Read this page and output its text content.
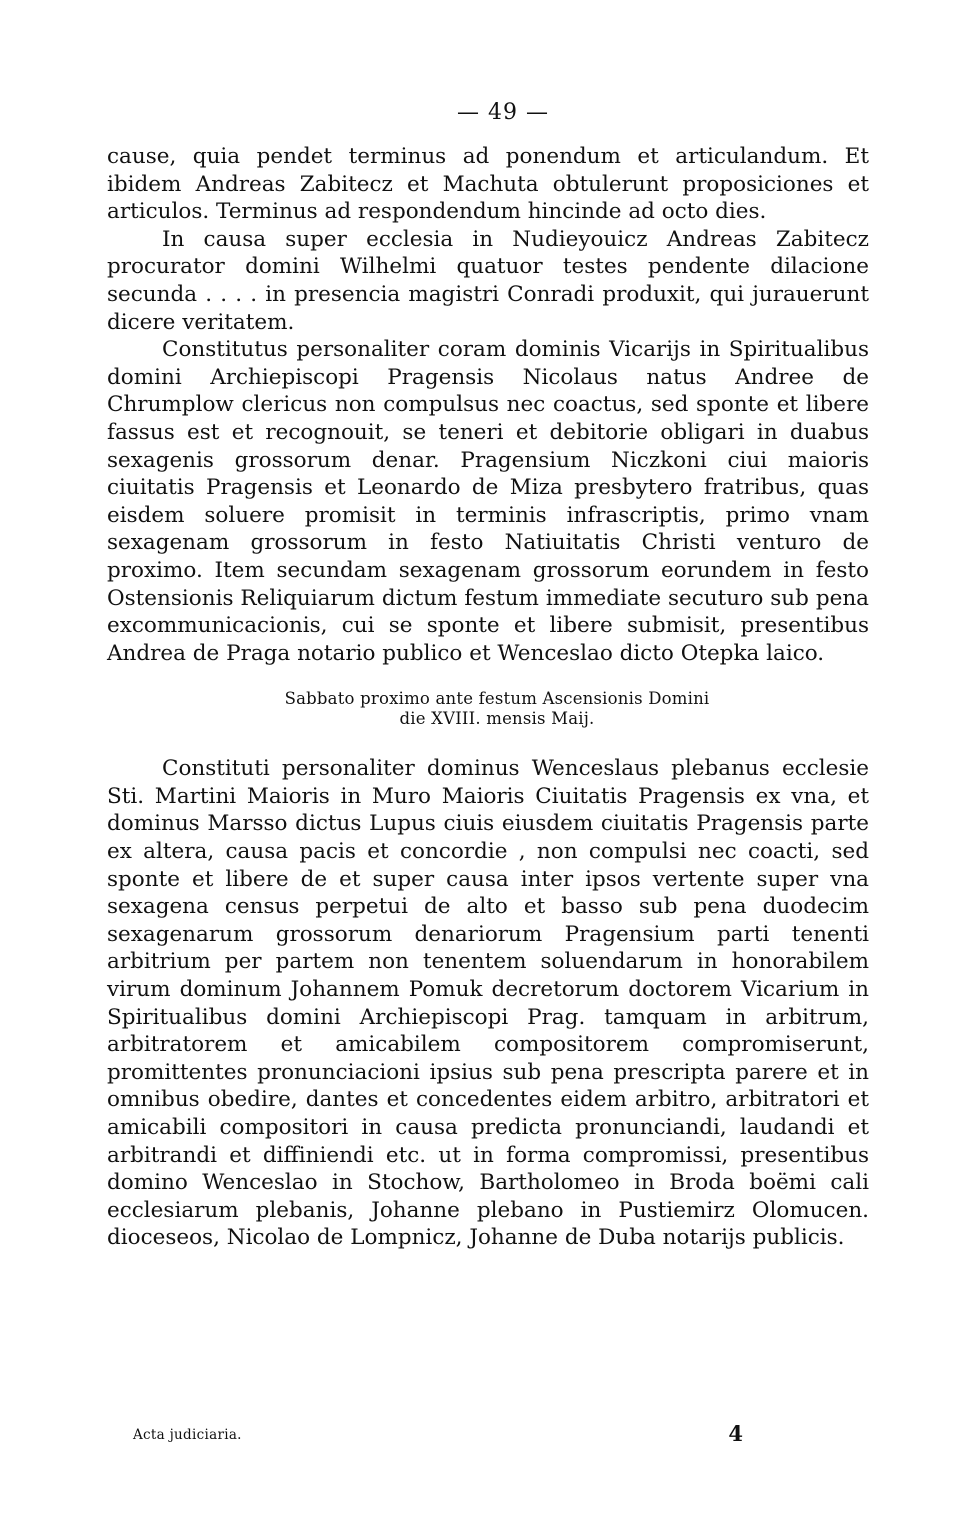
— 49 —

cause, quia pendet terminus ad ponendum et articulandum. Et ibidem Andreas Zabitecz et Machuta obtulerunt proposiciones et articulos. Terminus ad respondendum hincinde ad octo dies.

In causa super ecclesia in Nudieyouicz Andreas Zabitecz procurator domini Wilhelmi quatuor testes pendente dilacione secunda . . . . in presencia magistri Conradi produxit, qui jurauerunt dicere veritatem.

Constitutus personaliter coram dominis Vicarijs in Spiritualibus domini Archiepiscopi Pragensis Nicolaus natus Andree de Chrumplow clericus non compulsus nec coactus, sed sponte et libere fassus est et recognouit, se teneri et debitorie obligari in duabus sexagenis grossorum denar. Pragensium Niczkoni ciui maioris ciuitatis Pragensis et Leonardo de Miza presbytero fratribus, quas eisdem soluere promisit in terminis infrascriptis, primo vnam sexagenam grossorum in festo Natiuitatis Christi venturo de proximo. Item secundam sexagenam grossorum eorundem in festo Ostensionis Reliquiarum dictum festum immediate secuturo sub pena excommunicacionis, cui se sponte et libere submisit, presentibus Andrea de Praga notario publico et Wenceslao dicto Otepka laico.

Sabbato proximo ante festum Ascensionis Domini
die XVIII. mensis Maij.

Constituti personaliter dominus Wenceslaus plebanus ecclesie Sti. Martini Maioris in Muro Maioris Ciuitatis Pragensis ex vna, et dominus Marsso dictus Lupus ciuis eiusdem ciuitatis Pragensis parte ex altera, causa pacis et concordie , non compulsi nec coacti, sed sponte et libere de et super causa inter ipsos vertente super vna sexagena census perpetui de alto et basso sub pena duodecim sexagenarum grossorum denariorum Pragensium parti tenenti arbitrium per partem non tenentem soluendarum in honorabilem virum dominum Johannem Pomuk decretorum doctorem Vicarium in Spiritualibus domini Archiepiscopi Prag. tamquam in arbitrum, arbitratorem et amicabilem compositorem compromiserunt, promittentes pronunciacioni ipsius sub pena prescripta parere et in omnibus obedire, dantes et concedentes eidem arbitro, arbitratori et amicabili compositori in causa predicta pronunciandi, laudandi et arbitrandi et diffiniendi etc. ut in forma compromissi, presentibus domino Wenceslao in Stochow, Bartholomeo in Broda boëmi cali ecclesiarum plebanis, Johanne plebano in Pustiemirz Olomucen. dioceseos, Nicolao de Lompnicz, Johanne de Duba notarijs publicis.

Acta judiciaria.	4
